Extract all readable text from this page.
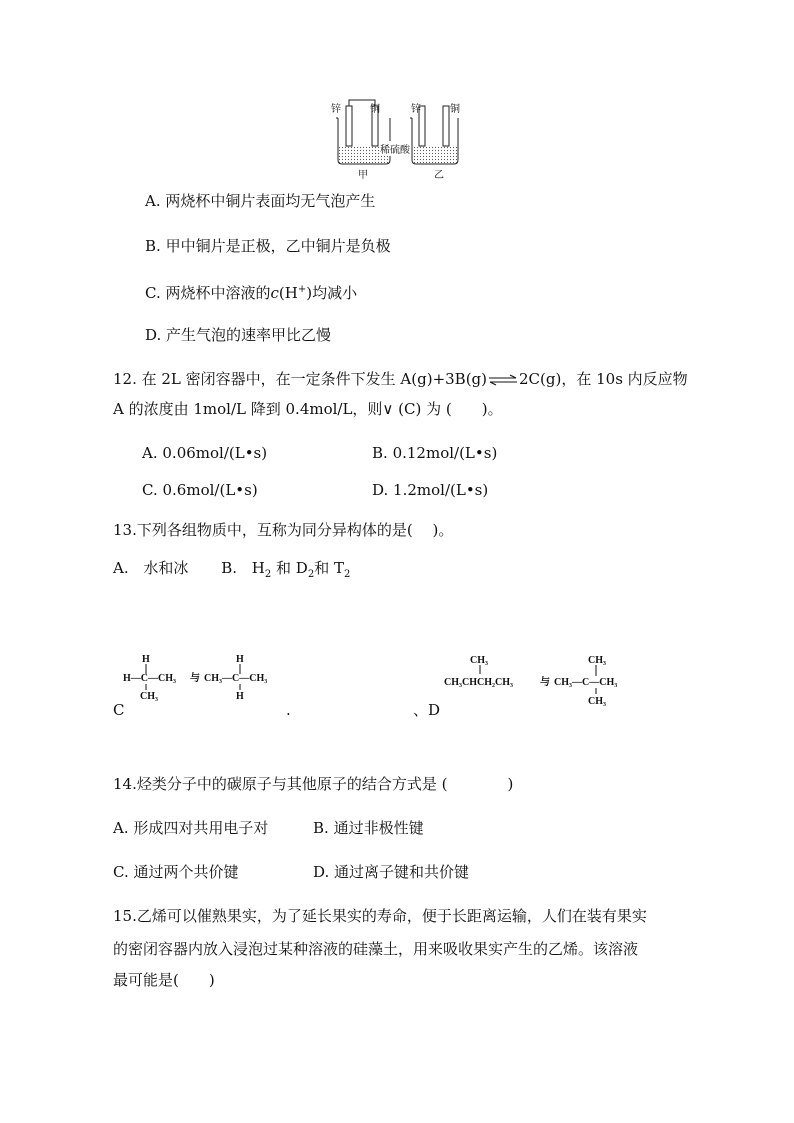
锌	铜	锌	铜
稀硫酸
甲	乙
A. 两烧杯中铜片表面均无气泡产生
B. 甲中铜片是正极，乙中铜片是负极
C. 两烧杯中溶液的c(H+)均减小
D. 产生气泡的速率甲比乙慢
12. 在 2L 密闭容器中，在一定条件下发生 A(g)+3B(g)⇌2C(g)，在 10s 内反应物
A 的浓度由 1mol/L 降到 0.4mol/L，则∨ (C) 为 (　　)。
A. 0.06mol/(L•s)	B. 0.12mol/(L•s)
C. 0.6mol/(L•s)	D. 1.2mol/(L•s)
13.下列各组物质中，互称为同分异构体的是(　 )。
A. 水和冰 B. $H_2$ 和 $D_2$和 $T_2$
H
H—C—CH₃
CH₃
与
H
CH₃—C—CH₃
H
C	.
CH₃
CH₃CHCH₂CH₃	与
CH₃
CH₃—C—CH₃
CH₃
、D
14.烃类分子中的碳原子与其他原子的结合方式是 (　　　　)
A. 形成四对共用电子对	B. 通过非极性键
C. 通过两个共价键	D. 通过离子键和共价键
15.乙烯可以催熟果实，为了延长果实的寿命，便于长距离运输，人们在装有果实
的密闭容器内放入浸泡过某种溶液的硅藻土，用来吸收果实产生的乙烯。该溶液
最可能是(　　)
